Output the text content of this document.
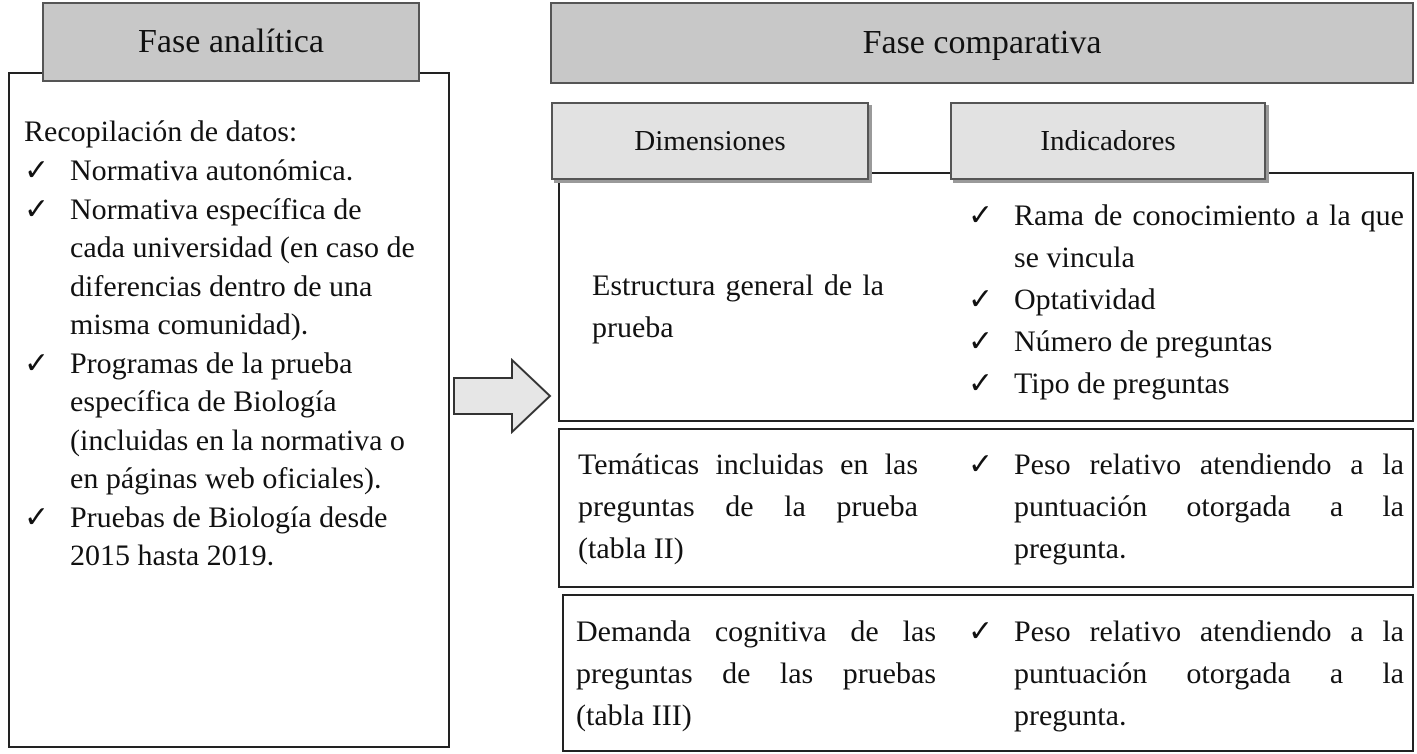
Fase analítica
Recopilación de datos:
✓ Normativa autonómica.
✓ Normativa específica de cada universidad (en caso de diferencias dentro de una misma comunidad).
✓ Programas de la prueba específica de Biología (incluidas en la normativa o en páginas web oficiales).
✓ Pruebas de Biología desde 2015 hasta 2019.
Fase comparativa
Dimensiones	Indicadores
Estructura general de la prueba
✓ Rama de conocimiento a la que se vincula
✓ Optatividad
✓ Número de preguntas
✓ Tipo de preguntas
Temáticas incluidas en las preguntas de la prueba (tabla II)
✓ Peso relativo atendiendo a la puntuación otorgada a la pregunta.
Demanda cognitiva de las preguntas de las pruebas (tabla III)
✓ Peso relativo atendiendo a la puntuación otorgada a la pregunta.
